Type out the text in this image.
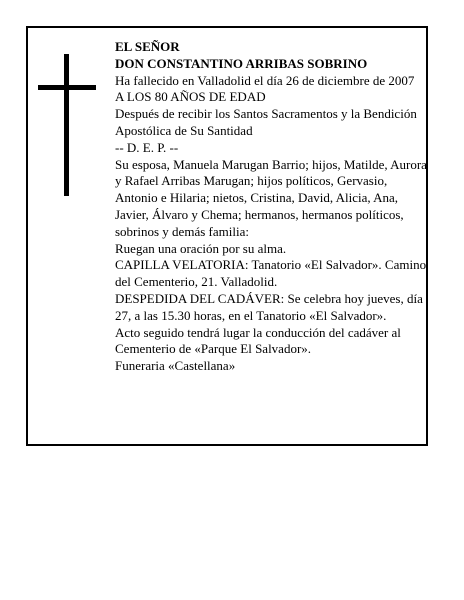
EL SEÑOR

DON CONSTANTINO ARRIBAS SOBRINO

Ha fallecido en Valladolid el día 26 de diciembre de 2007

A LOS 80 AÑOS DE EDAD

Después de recibir los Santos Sacramentos y la Bendición Apostólica de Su Santidad

-- D. E. P. --

Su esposa, Manuela Marugan Barrio; hijos, Matilde, Aurora y Rafael Arribas Marugan; hijos políticos, Gervasio, Antonio e Hilaria; nietos, Cristina, David, Alicia, Ana, Javier, Álvaro y Chema; hermanos, hermanos políticos, sobrinos y demás familia:

Ruegan una oración por su alma.

CAPILLA VELATORIA: Tanatorio «El Salvador». Camino del Cementerio, 21. Valladolid.

DESPEDIDA DEL CADÁVER: Se celebra hoy jueves, día 27, a las 15.30 horas, en el Tanatorio «El Salvador».

Acto seguido tendrá lugar la conducción del cadáver al Cementerio de «Parque El Salvador».

Funeraria «Castellana»
